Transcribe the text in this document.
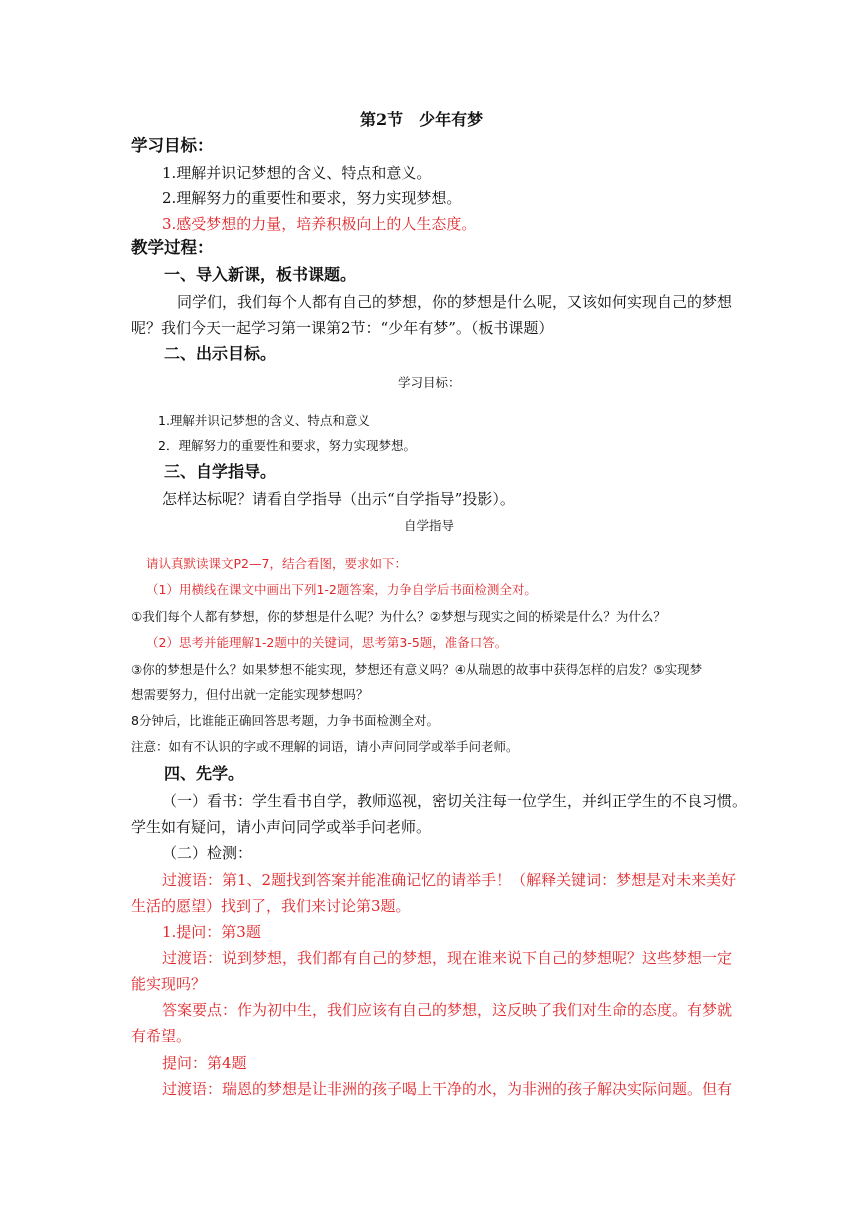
第2节　少年有梦
学习目标：
1.理解并识记梦想的含义、特点和意义。
2.理解努力的重要性和要求，努力实现梦想。
3.感受梦想的力量，培养积极向上的人生态度。
教学过程：
一、导入新课，板书课题。
同学们，我们每个人都有自己的梦想，你的梦想是什么呢，又该如何实现自己的梦想
呢？我们今天一起学习第一课第2节：“少年有梦”。（板书课题）
二、出示目标。
学习目标：
1.理解并识记梦想的含义、特点和意义
2．理解努力的重要性和要求，努力实现梦想。
三、自学指导。
怎样达标呢？请看自学指导（出示“自学指导”投影）。
自学指导
请认真默读课文P2—7，结合看图，要求如下：
（1）用横线在课文中画出下列1-2题答案，力争自学后书面检测全对。
①我们每个人都有梦想，你的梦想是什么呢？为什么？②梦想与现实之间的桥梁是什么？为什么？
（2）思考并能理解1-2题中的关键词，思考第3-5题，准备口答。
③你的梦想是什么？如果梦想不能实现，梦想还有意义吗？④从瑞恩的故事中获得怎样的启发？⑤实现梦
想需要努力，但付出就一定能实现梦想吗？
8分钟后，比谁能正确回答思考题，力争书面检测全对。
注意：如有不认识的字或不理解的词语，请小声问同学或举手问老师。
四、先学。
（一）看书：学生看书自学，教师巡视，密切关注每一位学生，并纠正学生的不良习惯。
学生如有疑问，请小声问同学或举手问老师。
（二）检测：
过渡语：第1、2题找到答案并能准确记忆的请举手！（解释关键词：梦想是对未来美好
生活的愿望）找到了，我们来讨论第3题。
1.提问：第3题
过渡语：说到梦想，我们都有自己的梦想，现在谁来说下自己的梦想呢？这些梦想一定
能实现吗？
答案要点：作为初中生，我们应该有自己的梦想，这反映了我们对生命的态度。有梦就
有希望。
提问：第4题
过渡语：瑞恩的梦想是让非洲的孩子喝上干净的水，为非洲的孩子解决实际问题。但有
